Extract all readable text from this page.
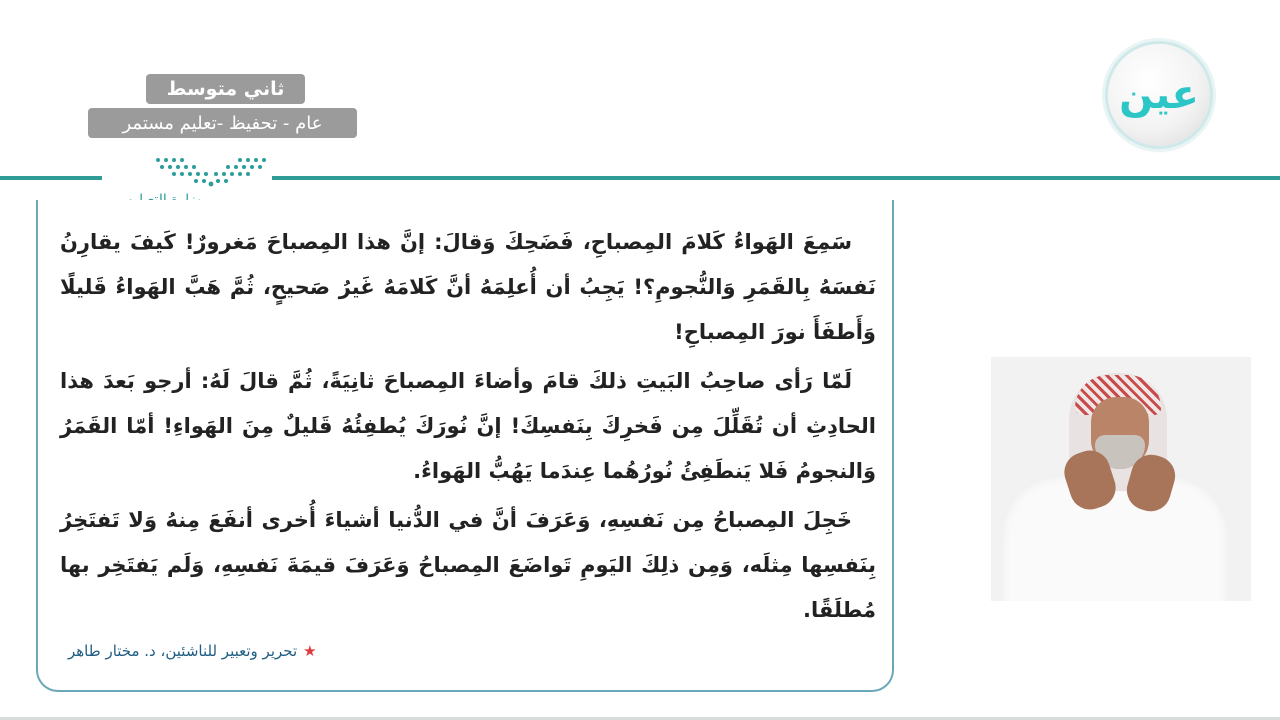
ثاني متوسط
عام - تحفيظ -تعليم مستمر
عين

سَمِعَ الهَواءُ كَلامَ المِصباحِ، فَضَحِكَ وَقالَ: إنَّ هذا المِصباحَ مَغرورٌ! كَيفَ يقارِنُ نَفسَهُ بِالقَمَرِ وَالنُّجومِ؟! يَجِبُ أن أُعلِمَهُ أنَّ كَلامَهُ غَيرُ صَحيحٍ، ثُمَّ هَبَّ الهَواءُ قَليلًا وَأَطفَأَ نورَ المِصباحِ!

لَمّا رَأى صاحِبُ البَيتِ ذلكَ قامَ وأضاءَ المِصباحَ ثانِيَةً، ثُمَّ قالَ لَهُ: أرجو بَعدَ هذا الحادِثِ أن تُقَلِّلَ مِن فَخرِكَ بِنَفسِكَ! إنَّ نُورَكَ يُطفِئُهُ قَليلٌ مِنَ الهَواءِ! أمّا القَمَرُ وَالنجومُ فَلا يَنطَفِئُ نُورُهُما عِندَما يَهُبُّ الهَواءُ.

خَجِلَ المِصباحُ مِن نَفسِهِ، وَعَرَفَ أنَّ في الدُّنيا أشياءَ أُخرى أنفَعَ مِنهُ وَلا تَفتَخِرُ بِنَفسِها مِثلَه، وَمِن ذلِكَ اليَومِ تَواضَعَ المِصباحُ وَعَرَفَ قيمَةَ نَفسِهِ، وَلَم يَفتَخِر بها مُطلَقًا.

★تحرير وتعبير للناشئين، د. مختار طاهر
